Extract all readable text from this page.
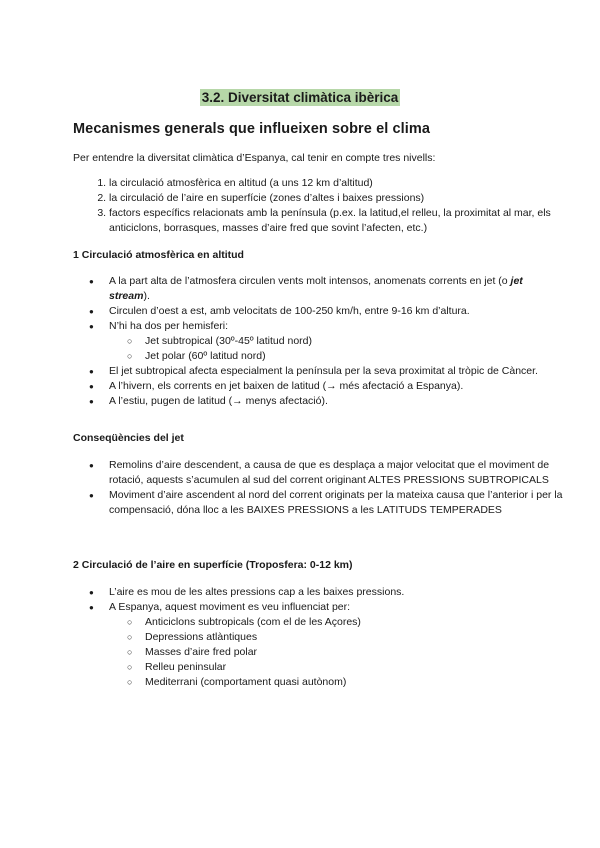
3.2. Diversitat climàtica ibèrica
Mecanismes generals que influeixen sobre el clima

Per entendre la diversitat climàtica d’Espanya, cal tenir en compte tres nivells:

1. la circulació atmosfèrica en altitud (a uns 12 km d’altitud)
2. la circulació de l’aire en superfície (zones d’altes i baixes pressions)
3. factors específics relacionats amb la península (p.ex. la latitud,el relleu, la proximitat al mar, els anticiclons, borrasques, masses d’aire fred que sovint l’afecten, etc.)
1 Circulació atmosfèrica en altitud
● A la part alta de l’atmosfera circulen vents molt intensos, anomenats corrents en jet (o jet stream).
● Circulen d’oest a est, amb velocitats de 100-250 km/h, entre 9-16 km d’altura.
● N’hi ha dos per hemisferi:
○ Jet subtropical (30º-45º latitud nord)
○ Jet polar (60º latitud nord)
● El jet subtropical afecta especialment la península per la seva proximitat al tròpic de Càncer.
● A l’hivern, els corrents en jet baixen de latitud (→ més afectació a Espanya).
● A l’estiu, pugen de latitud (→ menys afectació).
Conseqüències del jet
● Remolins d’aire descendent, a causa de que es desplaça a major velocitat que el moviment de rotació, aquests s’acumulen al sud del corrent originant ALTES PRESSIONS SUBTROPICALS
● Moviment d’aire ascendent al nord del corrent originats per la mateixa causa que l’anterior i per la compensació, dóna lloc a les BAIXES PRESSIONS a les LATITUDS TEMPERADES
2 Circulació de l’aire en superfície (Troposfera: 0-12 km)
● L’aire es mou de les altes pressions cap a les baixes pressions.
● A Espanya, aquest moviment es veu influenciat per:
○ Anticiclons subtropicals (com el de les Açores)
○ Depressions atlàntiques
○ Masses d’aire fred polar
○ Relleu peninsular
○ Mediterrani (comportament quasi autònom)
